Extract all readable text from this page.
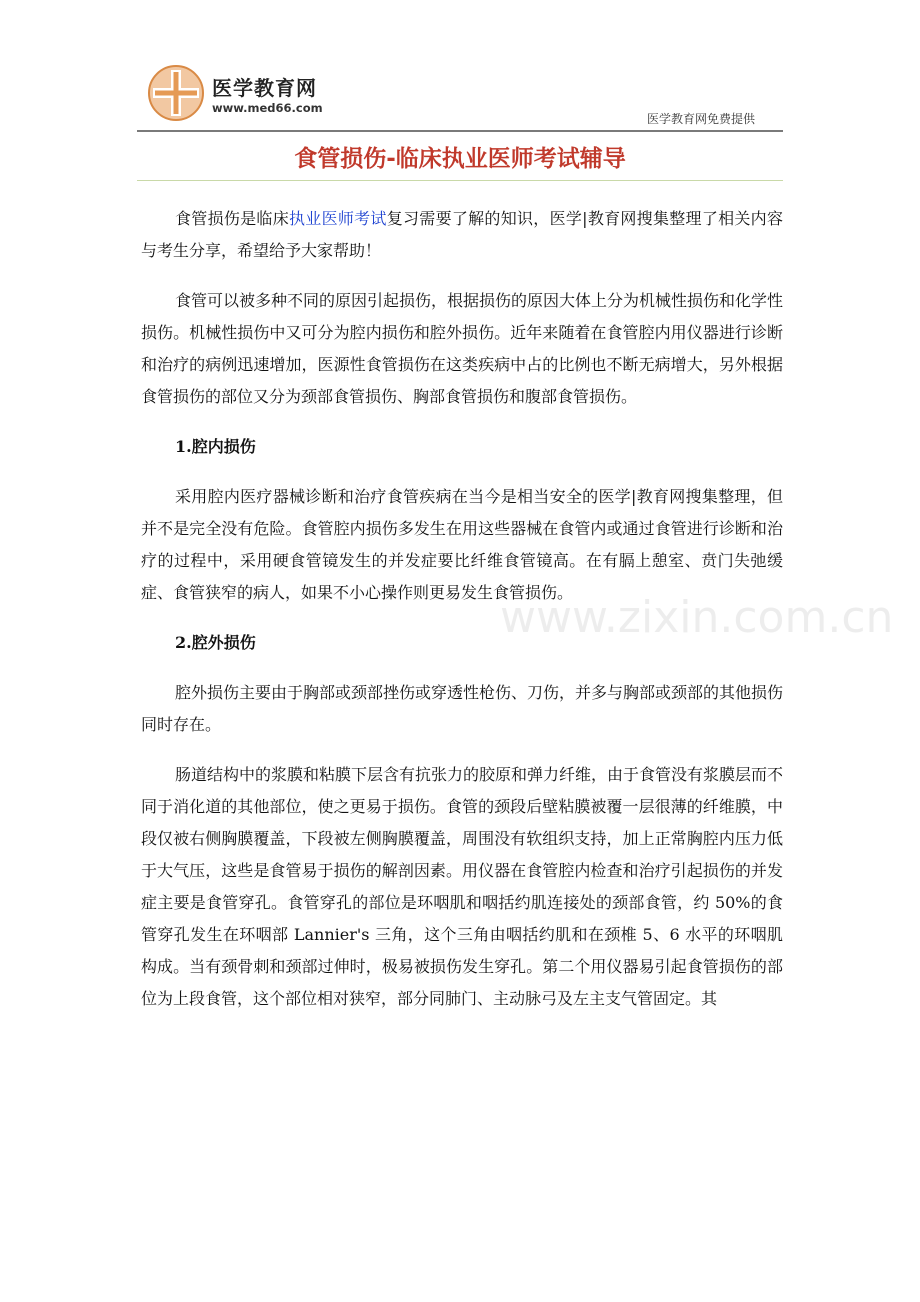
医学教育网
www.med66.com
医学教育网免费提供
食管损伤-临床执业医师考试辅导
www.zixin.com.cn

食管损伤是临床执业医师考试复习需要了解的知识，医学|教育网搜集整理了相关内容与考生分享，希望给予大家帮助！

食管可以被多种不同的原因引起损伤，根据损伤的原因大体上分为机械性损伤和化学性损伤。机械性损伤中又可分为腔内损伤和腔外损伤。近年来随着在食管腔内用仪器进行诊断和治疗的病例迅速增加，医源性食管损伤在这类疾病中占的比例也不断无病增大，另外根据食管损伤的部位又分为颈部食管损伤、胸部食管损伤和腹部食管损伤。

1.腔内损伤

采用腔内医疗器械诊断和治疗食管疾病在当今是相当安全的医学|教育网搜集整理，但并不是完全没有危险。食管腔内损伤多发生在用这些器械在食管内或通过食管进行诊断和治疗的过程中，采用硬食管镜发生的并发症要比纤维食管镜高。在有膈上憩室、贲门失弛缓症、食管狭窄的病人，如果不小心操作则更易发生食管损伤。

2.腔外损伤

腔外损伤主要由于胸部或颈部挫伤或穿透性枪伤、刀伤，并多与胸部或颈部的其他损伤同时存在。

肠道结构中的浆膜和粘膜下层含有抗张力的胶原和弹力纤维，由于食管没有浆膜层而不同于消化道的其他部位，使之更易于损伤。食管的颈段后壁粘膜被覆一层很薄的纤维膜，中段仅被右侧胸膜覆盖，下段被左侧胸膜覆盖，周围没有软组织支持，加上正常胸腔内压力低于大气压，这些是食管易于损伤的解剖因素。用仪器在食管腔内检查和治疗引起损伤的并发症主要是食管穿孔。食管穿孔的部位是环咽肌和咽括约肌连接处的颈部食管，约 50%的食管穿孔发生在环咽部 Lannier's 三角，这个三角由咽括约肌和在颈椎 5、6 水平的环咽肌构成。当有颈骨刺和颈部过伸时，极易被损伤发生穿孔。第二个用仪器易引起食管损伤的部位为上段食管，这个部位相对狭窄，部分同肺门、主动脉弓及左主支气管固定。其
